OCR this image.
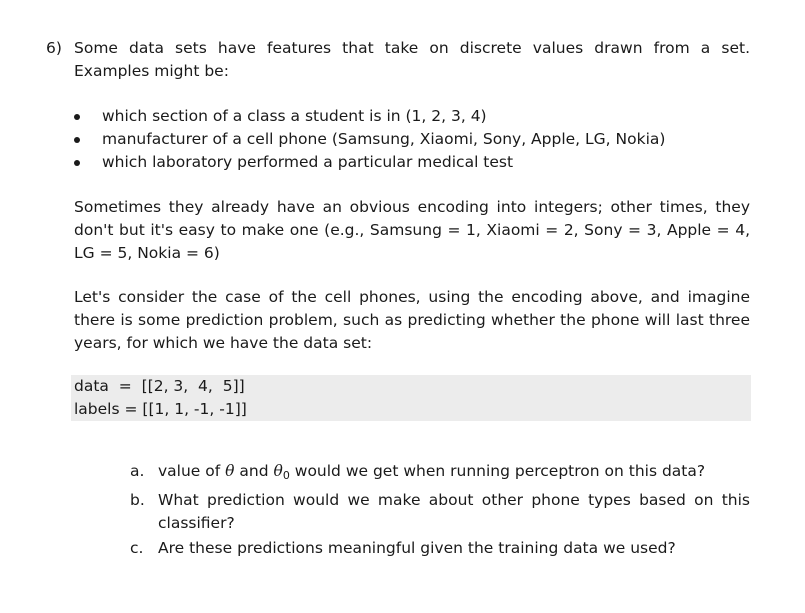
6) Some data sets have features that take on discrete values drawn from a set. Examples might be:
which section of a class a student is in (1, 2, 3, 4)
manufacturer of a cell phone (Samsung, Xiaomi, Sony, Apple, LG, Nokia)
which laboratory performed a particular medical test
Sometimes they already have an obvious encoding into integers; other times, they don't but it's easy to make one (e.g., Samsung = 1, Xiaomi = 2, Sony = 3, Apple = 4, LG = 5, Nokia = 6)
Let's consider the case of the cell phones, using the encoding above, and imagine there is some prediction problem, such as predicting whether the phone will last three years, for which we have the data set:
data  =  [[2, 3,  4,  5]]
labels = [[1, 1, -1, -1]]
a. value of θ and θ0 would we get when running perceptron on this data?
b. What prediction would we make about other phone types based on this classifier?
c. Are these predictions meaningful given the training data we used?
